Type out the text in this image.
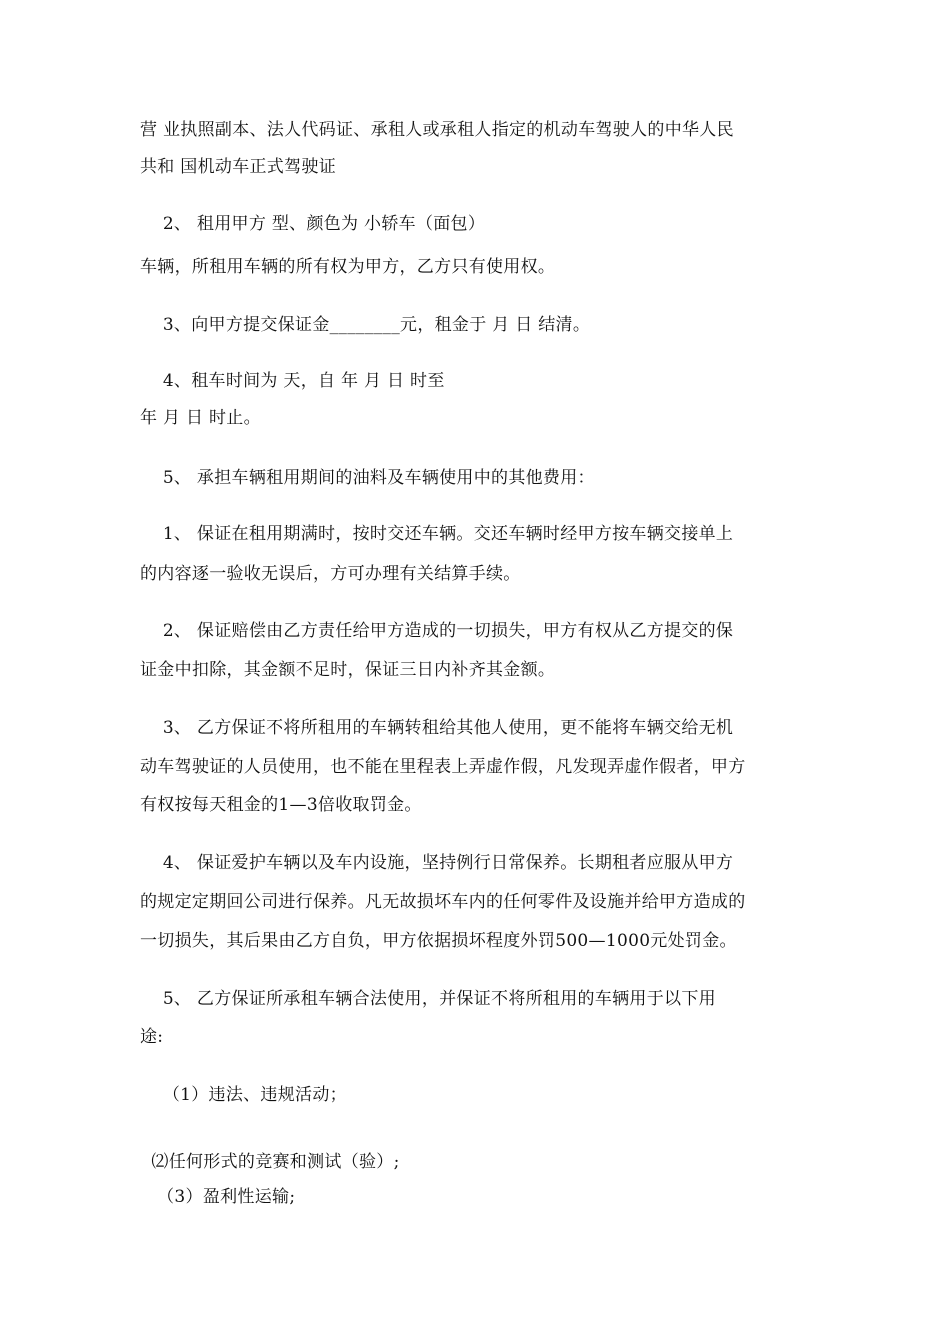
营 业执照副本、法人代码证、承租人或承租人指定的机动车驾驶人的中华人民
共和 国机动车正式驾驶证
2、 租用甲方 型、颜色为 小轿车（面包）
车辆，所租用车辆的所有权为甲方，乙方只有使用权。
3、向甲方提交保证金________元，租金于 月 日 结清。
4、租车时间为 天，自 年 月 日 时至
年 月 日 时止。
5、 承担车辆租用期间的油料及车辆使用中的其他费用：
1、 保证在租用期满时，按时交还车辆。交还车辆时经甲方按车辆交接单上
的内容逐一验收无误后，方可办理有关结算手续。
2、 保证赔偿由乙方责任给甲方造成的一切损失，甲方有权从乙方提交的保
证金中扣除，其金额不足时，保证三日内补齐其金额。
3、 乙方保证不将所租用的车辆转租给其他人使用，更不能将车辆交给无机
动车驾驶证的人员使用，也不能在里程表上弄虚作假，凡发现弄虚作假者，甲方
有权按每天租金的1—3倍收取罚金。
4、 保证爱护车辆以及车内设施，坚持例行日常保养。长期租者应服从甲方
的规定定期回公司进行保养。凡无故损坏车内的任何零件及设施并给甲方造成的
一切损失，其后果由乙方自负，甲方依据损坏程度外罚500—1000元处罚金。
5、 乙方保证所承租车辆合法使用，并保证不将所租用的车辆用于以下用
途:
（1）违法、违规活动；
⑵任何形式的竞赛和测试（验）;
（3）盈利性运输;
